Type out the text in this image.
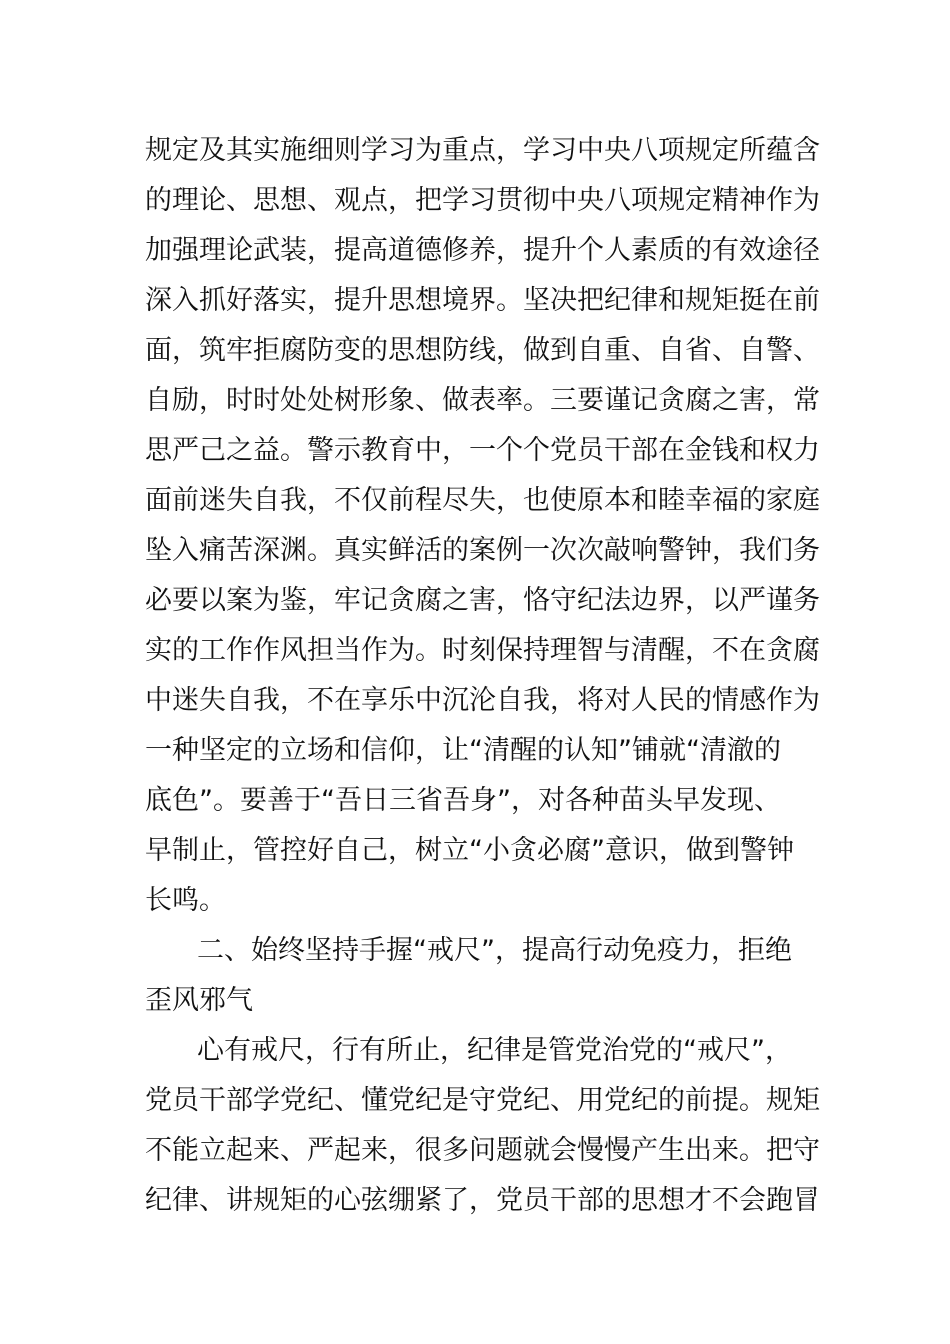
规定及其实施细则学习为重点，学习中央八项规定所蕴含
的理论、思想、观点，把学习贯彻中央八项规定精神作为
加强理论武装，提高道德修养，提升个人素质的有效途径
深入抓好落实，提升思想境界。坚决把纪律和规矩挺在前
面，筑牢拒腐防变的思想防线，做到自重、自省、自警、
自励，时时处处树形象、做表率。三要谨记贪腐之害，常
思严己之益。警示教育中，一个个党员干部在金钱和权力
面前迷失自我，不仅前程尽失，也使原本和睦幸福的家庭
坠入痛苦深渊。真实鲜活的案例一次次敲响警钟，我们务
必要以案为鉴，牢记贪腐之害，恪守纪法边界，以严谨务
实的工作作风担当作为。时刻保持理智与清醒，不在贪腐
中迷失自我，不在享乐中沉沦自我，将对人民的情感作为
一种坚定的立场和信仰，让“清醒的认知”铺就“清澈的
底色”。要善于“吾日三省吾身”，对各种苗头早发现、
早制止，管控好自己，树立“小贪必腐”意识，做到警钟
长鸣。
二、始终坚持手握“戒尺”，提高行动免疫力，拒绝
歪风邪气
心有戒尺，行有所止，纪律是管党治党的“戒尺”，
党员干部学党纪、懂党纪是守党纪、用党纪的前提。规矩
不能立起来、严起来，很多问题就会慢慢产生出来。把守
纪律、讲规矩的心弦绷紧了，党员干部的思想才不会跑冒
